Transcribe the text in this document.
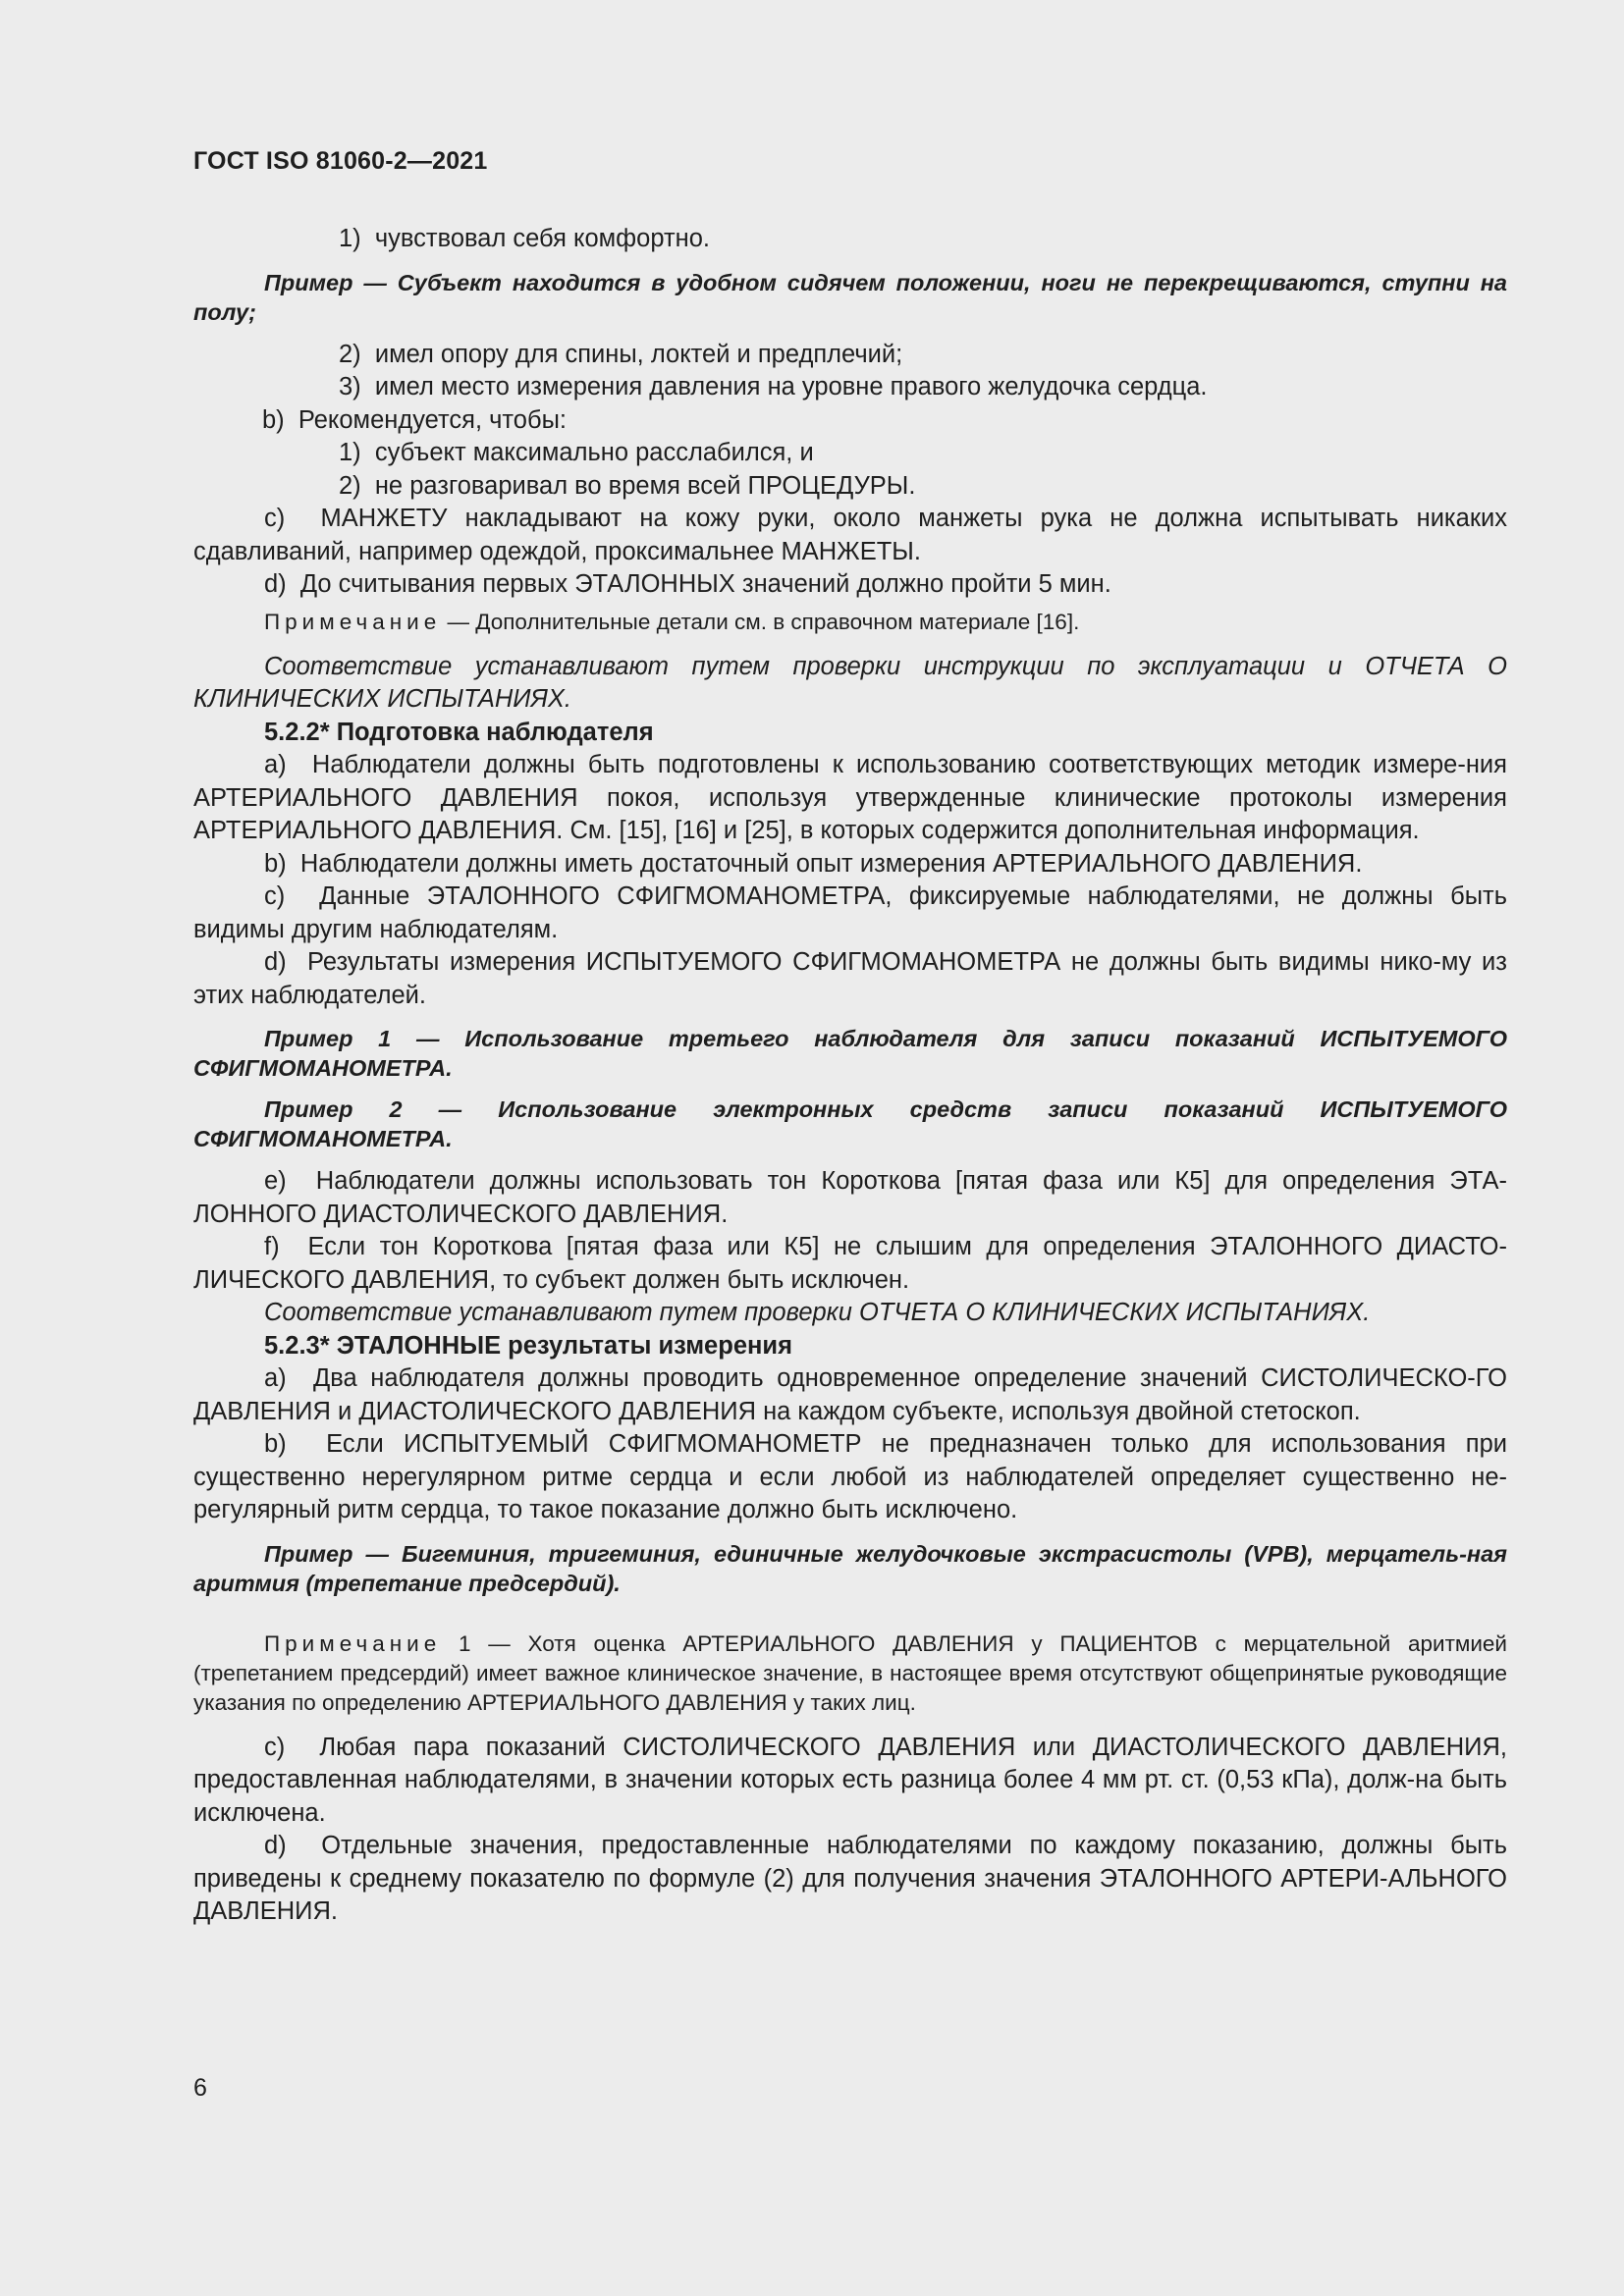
ГОСТ ISO 81060-2—2021

1)  чувствовал себя комфортно.

Пример — Субъект находится в удобном сидячем положении, ноги не перекрещиваются, ступни на полу;

2)  имел опору для спины, локтей и предплечий;

3)  имел место измерения давления на уровне правого желудочка сердца.

b)  Рекомендуется, чтобы:

1)  субъект максимально расслабился, и

2)  не разговаривал во время всей ПРОЦЕДУРЫ.

c)  МАНЖЕТУ накладывают на кожу руки, около манжеты рука не должна испытывать никаких сдавливаний, например одеждой, проксимальнее МАНЖЕТЫ.

d)  До считывания первых ЭТАЛОННЫХ значений должно пройти 5 мин.

Примечание — Дополнительные детали см. в справочном материале [16].

Соответствие устанавливают путем проверки инструкции по эксплуатации и ОТЧЕТА О КЛИНИЧЕСКИХ ИСПЫТАНИЯХ.

5.2.2* Подготовка наблюдателя

a)  Наблюдатели должны быть подготовлены к использованию соответствующих методик измере-ния АРТЕРИАЛЬНОГО ДАВЛЕНИЯ покоя, используя утвержденные клинические протоколы измерения АРТЕРИАЛЬНОГО ДАВЛЕНИЯ. См. [15], [16] и [25], в которых содержится дополнительная информация.

b)  Наблюдатели должны иметь достаточный опыт измерения АРТЕРИАЛЬНОГО ДАВЛЕНИЯ.

c)  Данные ЭТАЛОННОГО СФИГМОМАНОМЕТРА, фиксируемые наблюдателями, не должны быть видимы другим наблюдателям.

d)  Результаты измерения ИСПЫТУЕМОГО СФИГМОМАНОМЕТРА не должны быть видимы нико-му из этих наблюдателей.

Пример 1 — Использование третьего наблюдателя для записи показаний ИСПЫТУЕМОГО СФИГМОМАНОМЕТРА.

Пример 2 — Использование электронных средств записи показаний ИСПЫТУЕМОГО СФИГМОМАНОМЕТРА.

e)  Наблюдатели должны использовать тон Короткова [пятая фаза или К5] для определения ЭТА-ЛОННОГО ДИАСТОЛИЧЕСКОГО ДАВЛЕНИЯ.

f)  Если тон Короткова [пятая фаза или К5] не слышим для определения ЭТАЛОННОГО ДИАСТО-ЛИЧЕСКОГО ДАВЛЕНИЯ, то субъект должен быть исключен.

Соответствие устанавливают путем проверки ОТЧЕТА О КЛИНИЧЕСКИХ ИСПЫТАНИЯХ.

5.2.3* ЭТАЛОННЫЕ результаты измерения

a)  Два наблюдателя должны проводить одновременное определение значений СИСТОЛИЧЕСКО-ГО ДАВЛЕНИЯ и ДИАСТОЛИЧЕСКОГО ДАВЛЕНИЯ на каждом субъекте, используя двойной стетоскоп.

b)  Если ИСПЫТУЕМЫЙ СФИГМОМАНОМЕТР не предназначен только для использования при существенно нерегулярном ритме сердца и если любой из наблюдателей определяет существенно не-регулярный ритм сердца, то такое показание должно быть исключено.

Пример — Бигеминия, тригеминия, единичные желудочковые экстрасистолы (VPB), мерцатель-ная аритмия (трепетание предсердий).

Примечание 1 — Хотя оценка АРТЕРИАЛЬНОГО ДАВЛЕНИЯ у ПАЦИЕНТОВ с мерцательной аритмией (трепетанием предсердий) имеет важное клиническое значение, в настоящее время отсутствуют общепринятые руководящие указания по определению АРТЕРИАЛЬНОГО ДАВЛЕНИЯ у таких лиц.

c)  Любая пара показаний СИСТОЛИЧЕСКОГО ДАВЛЕНИЯ или ДИАСТОЛИЧЕСКОГО ДАВЛЕНИЯ, предоставленная наблюдателями, в значении которых есть разница более 4 мм рт. ст. (0,53 кПа), долж-на быть исключена.

d)  Отдельные значения, предоставленные наблюдателями по каждому показанию, должны быть приведены к среднему показателю по формуле (2) для получения значения ЭТАЛОННОГО АРТЕРИ-АЛЬНОГО ДАВЛЕНИЯ.

6
